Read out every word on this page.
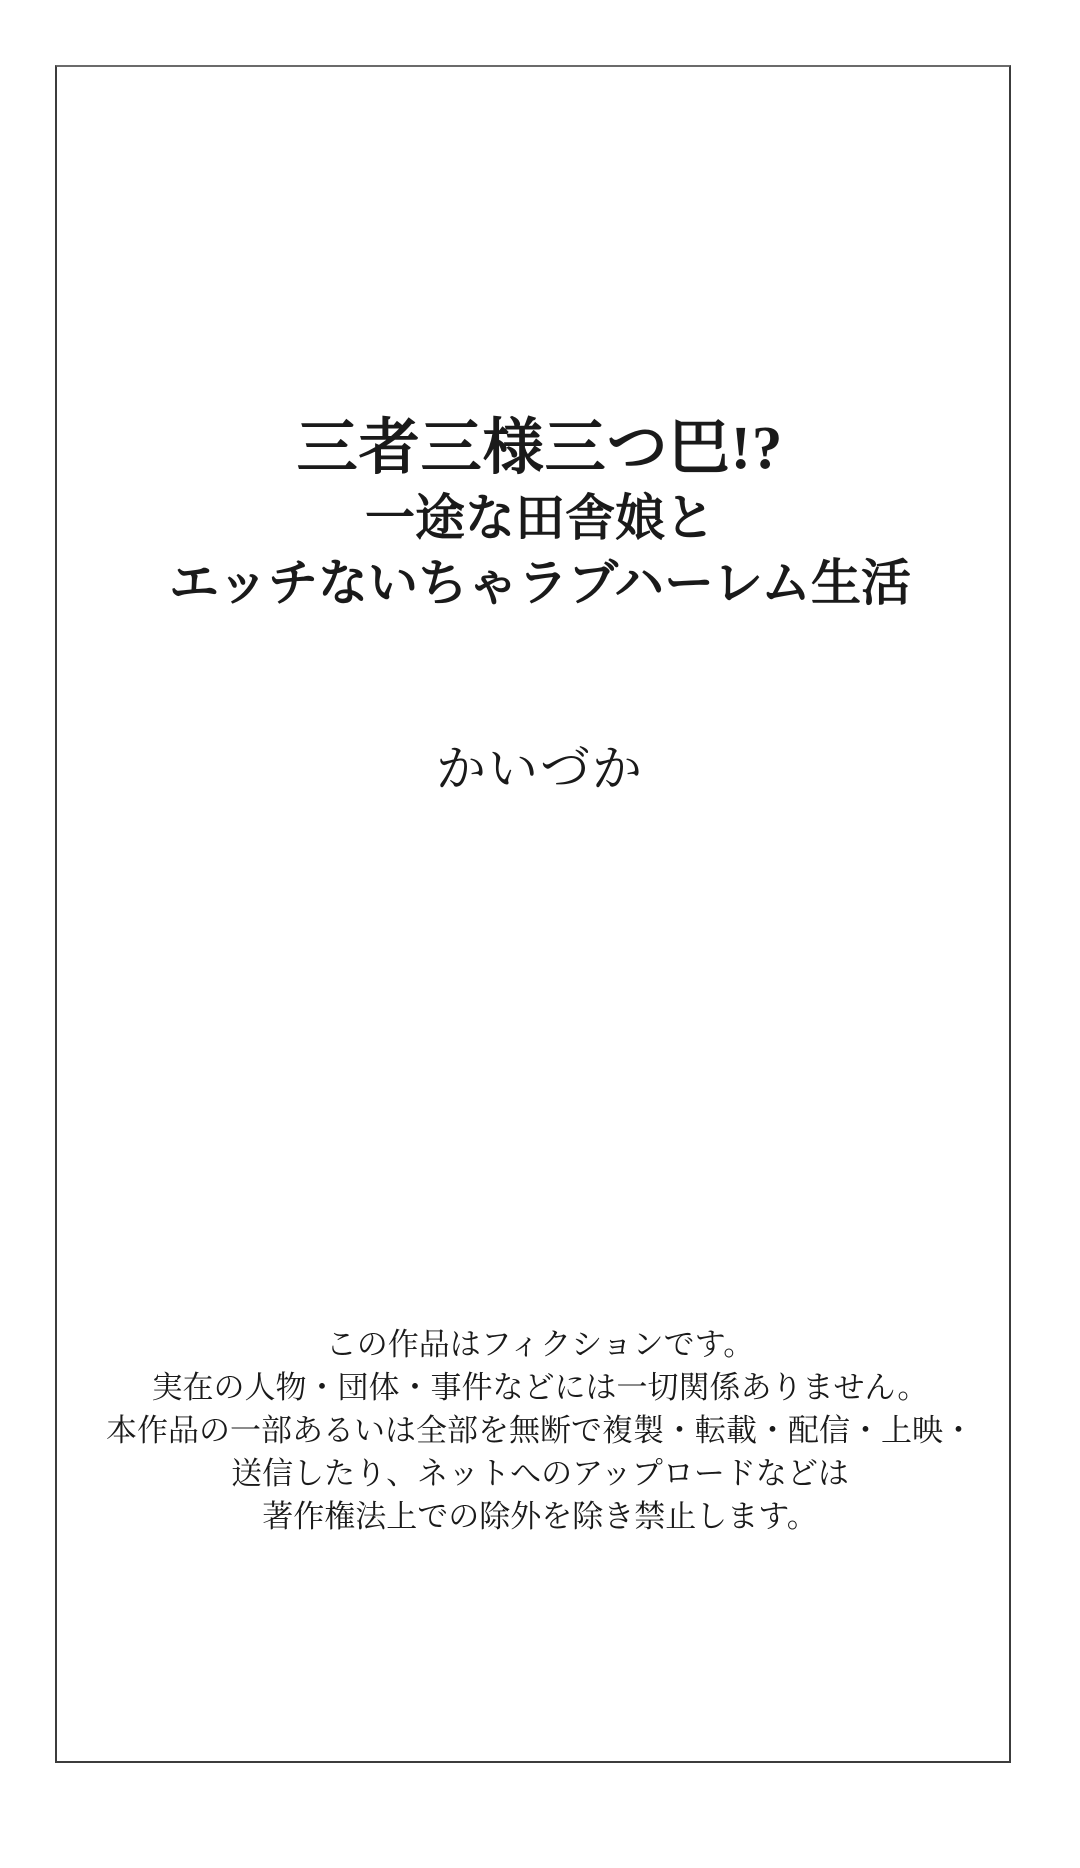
三者三様三つ巴!?
一途な田舎娘と
エッチないちゃラブハーレム生活
かいづか

この作品はフィクションです。

実在の人物・団体・事件などには一切関係ありません。

本作品の一部あるいは全部を無断で複製・転載・配信・上映・

送信したり、ネットへのアップロードなどは

著作権法上での除外を除き禁止します。
